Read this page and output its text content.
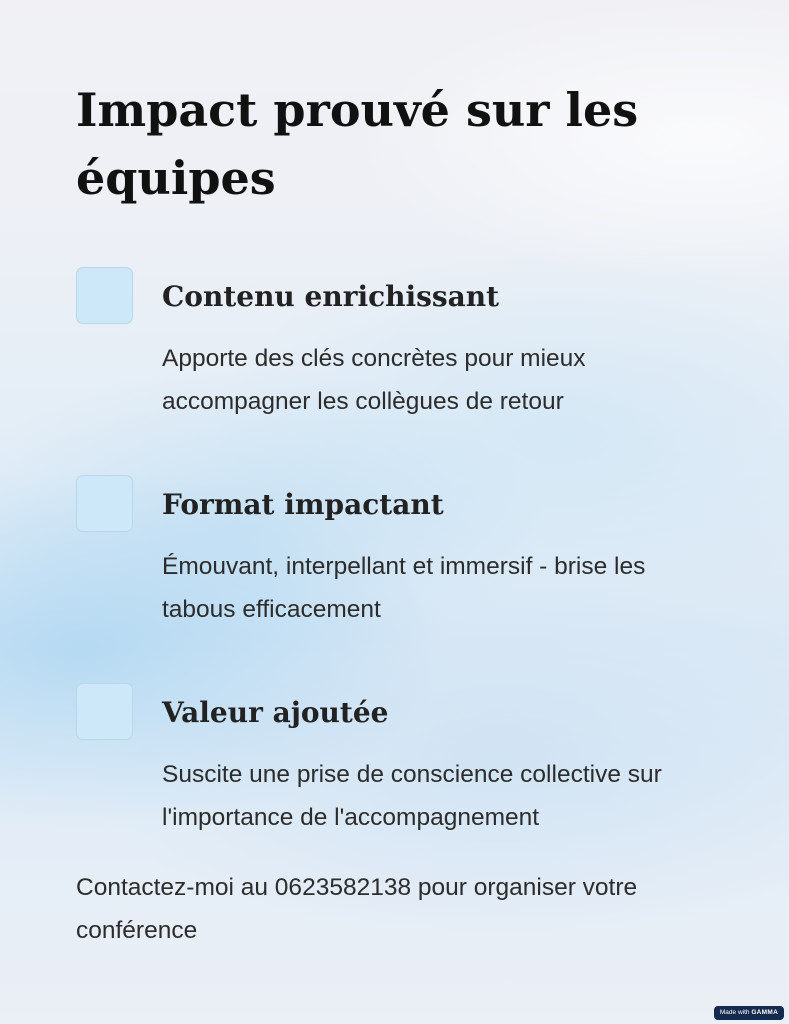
Impact prouvé sur les équipes
Contenu enrichissant

Apporte des clés concrètes pour mieux accompagner les collègues de retour

Format impactant

Émouvant, interpellant et immersif - brise les tabous efficacement

Valeur ajoutée

Suscite une prise de conscience collective sur l'importance de l'accompagnement

Contactez-moi au 0623582138 pour organiser votre conférence

Made with GAMMA
